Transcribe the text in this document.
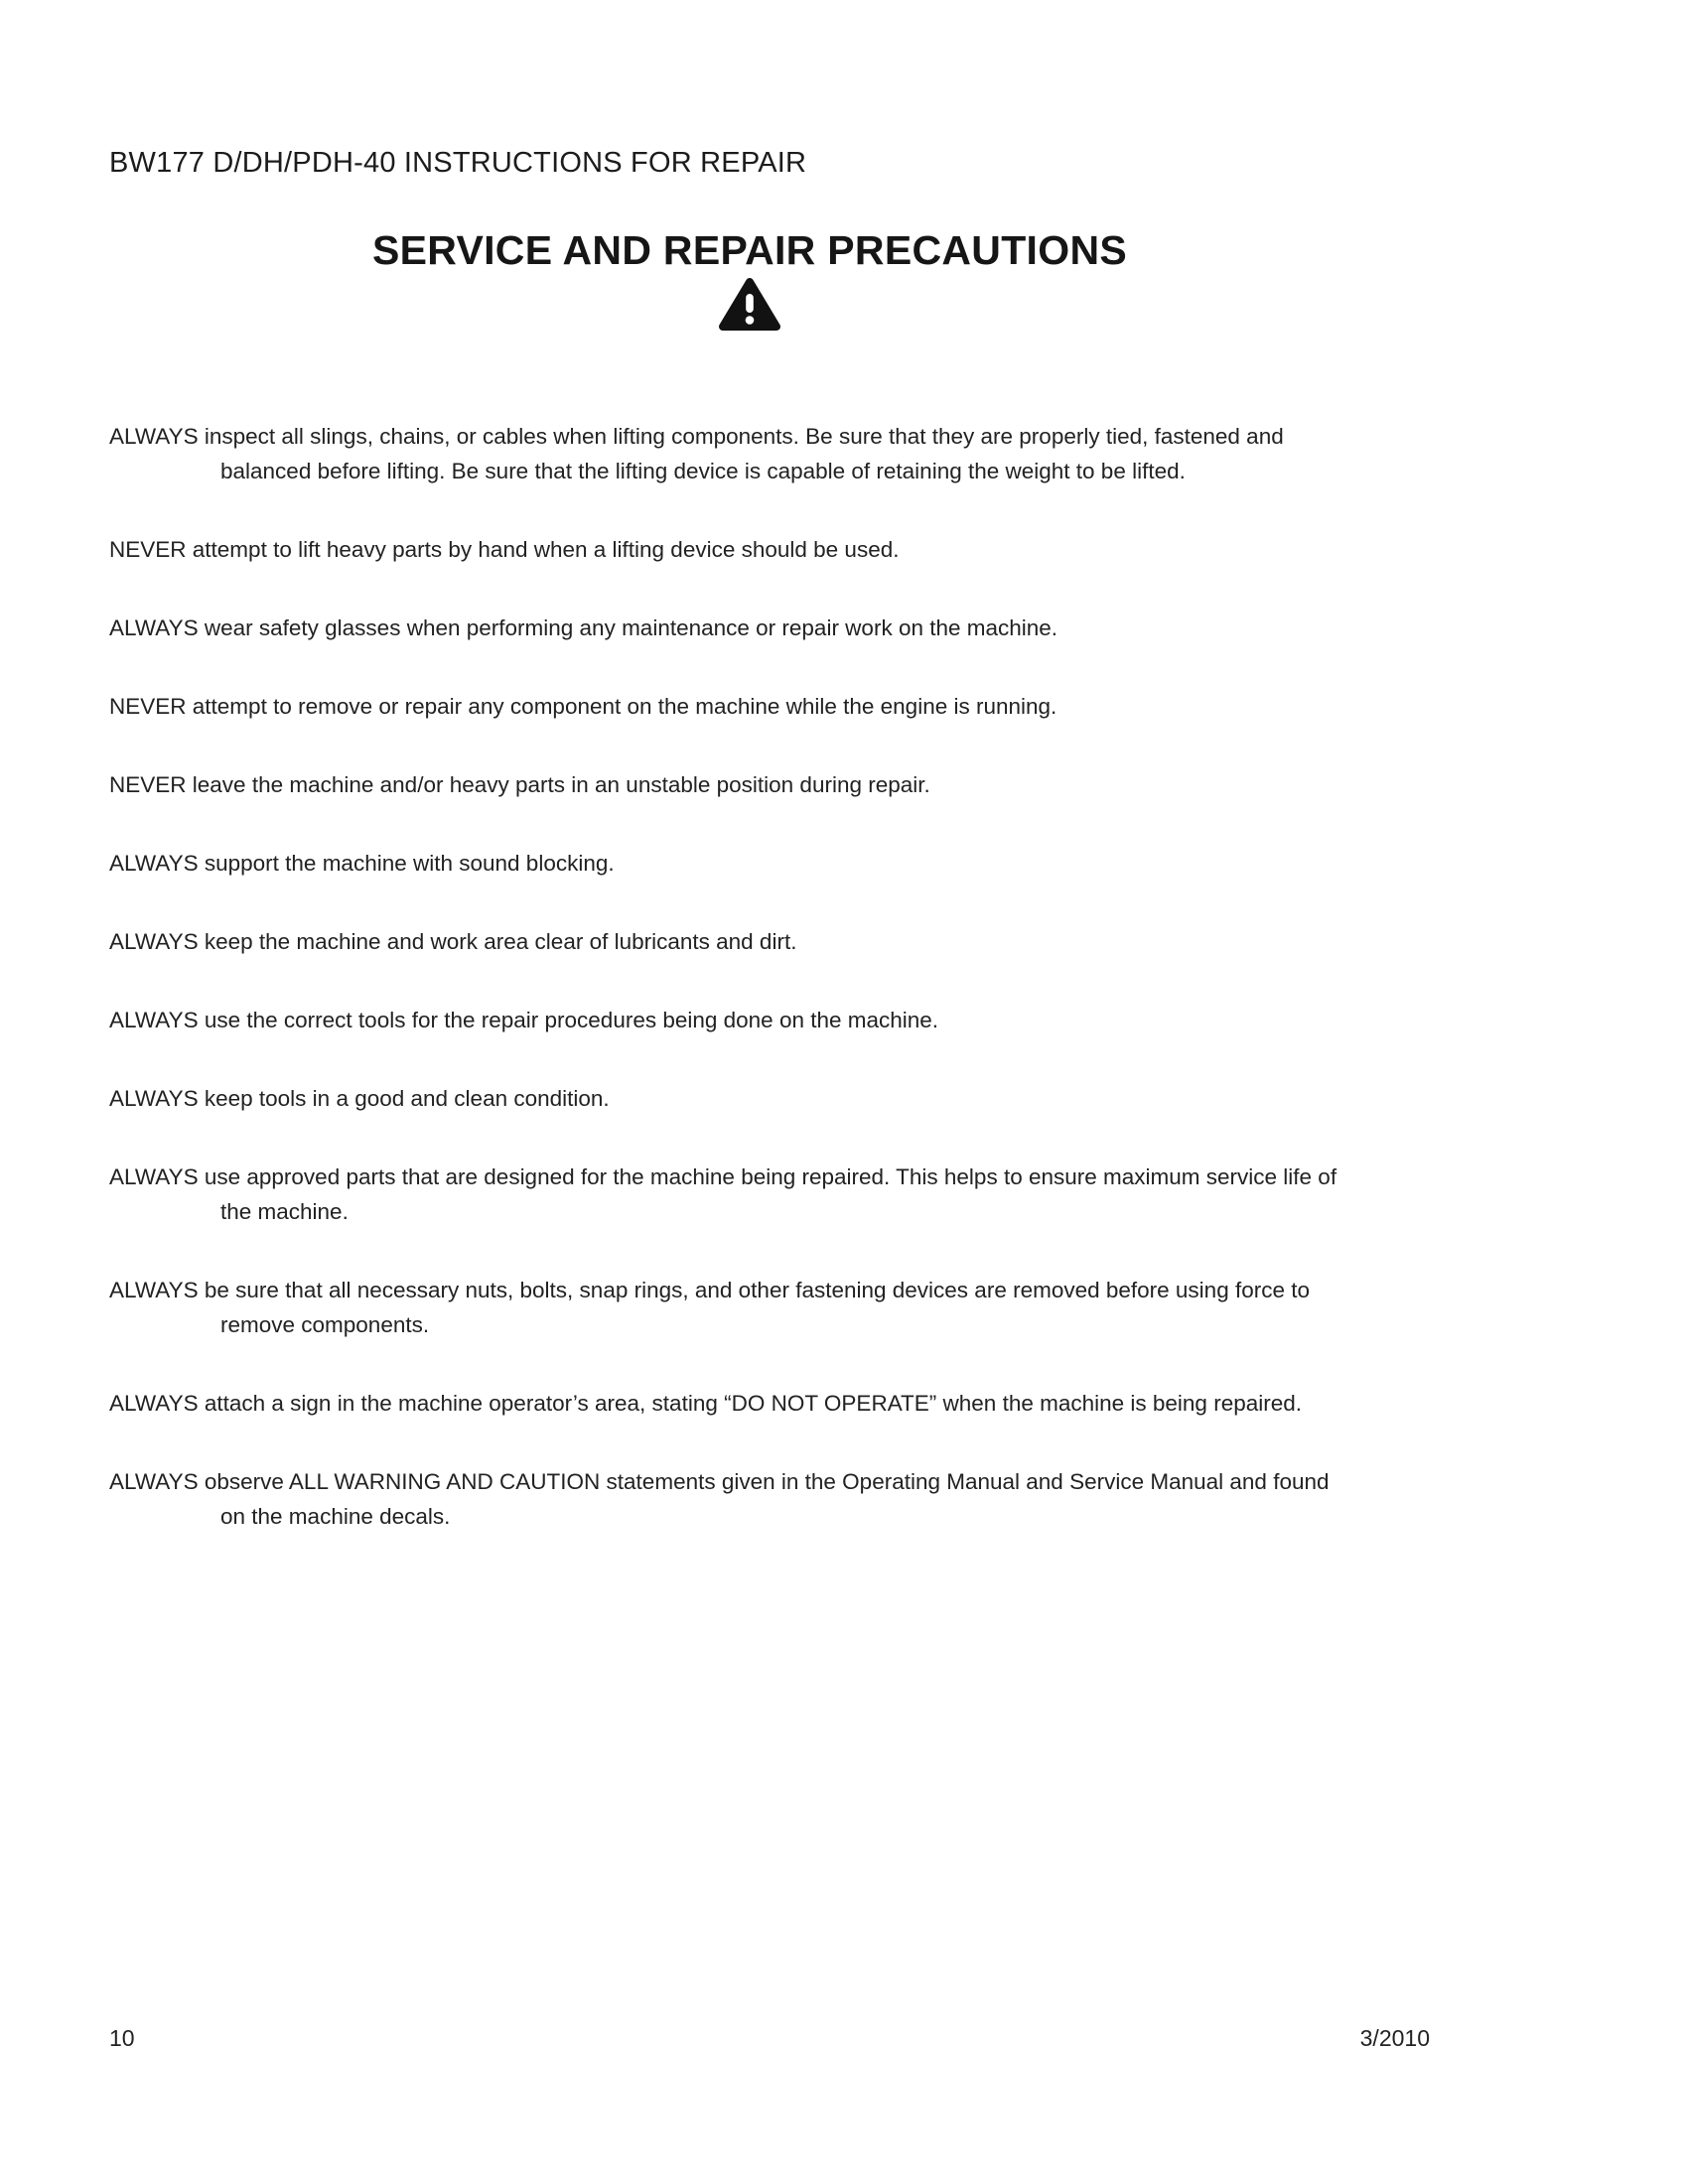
BW177 D/DH/PDH-40 INSTRUCTIONS FOR REPAIR
SERVICE AND REPAIR PRECAUTIONS

ALWAYS inspect all slings, chains, or cables when lifting components. Be sure that they are properly tied, fastened and balanced before lifting. Be sure that the lifting device is capable of retaining the weight to be lifted.

NEVER attempt to lift heavy parts by hand when a lifting device should be used.

ALWAYS wear safety glasses when performing any maintenance or repair work on the machine.

NEVER attempt to remove or repair any component on the machine while the engine is running.

NEVER leave the machine and/or heavy parts in an unstable position during repair.

ALWAYS support the machine with sound blocking.

ALWAYS keep the machine and work area clear of lubricants and dirt.

ALWAYS use the correct tools for the repair procedures being done on the machine.

ALWAYS keep tools in a good and clean condition.

ALWAYS use approved parts that are designed for the machine being repaired. This helps to ensure maximum service life of the machine.

ALWAYS be sure that all necessary nuts, bolts, snap rings, and other fastening devices are removed before using force to remove components.

ALWAYS attach a sign in the machine operator’s area, stating “DO NOT OPERATE” when the machine is being repaired.

ALWAYS observe ALL WARNING AND CAUTION statements given in the Operating Manual and Service Manual and found on the machine decals.

10	3/2010
